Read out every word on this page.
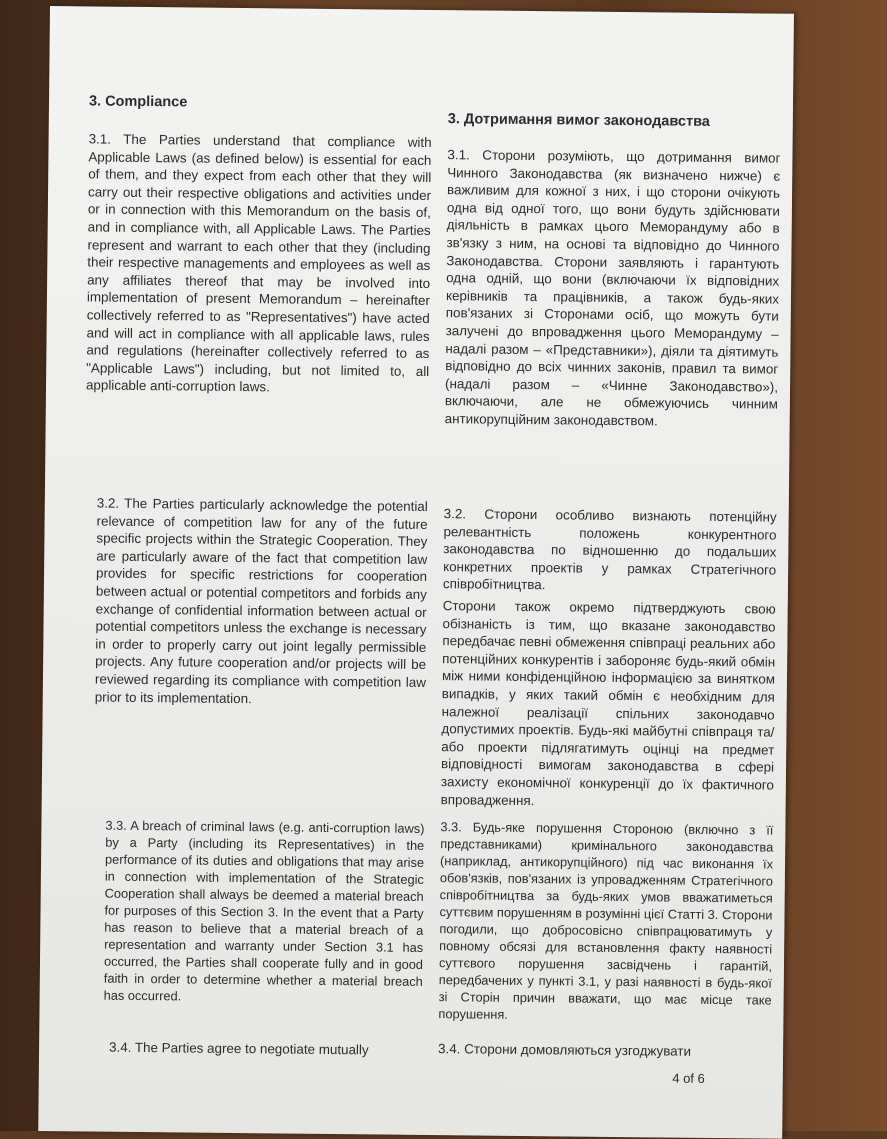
3. Compliance
3. Дотримання вимог законодавства
3.1. The Parties understand that compliance with Applicable Laws (as defined below) is essential for each of them, and they expect from each other that they will carry out their respective obligations and activities under or in connection with this Memorandum on the basis of, and in compliance with, all Applicable Laws. The Parties represent and warrant to each other that they (including their respective managements and employees as well as any affiliates thereof that may be involved into implementation of present Memorandum – hereinafter collectively referred to as "Representatives") have acted and will act in compliance with all applicable laws, rules and regulations (hereinafter collectively referred to as "Applicable Laws") including, but not limited to, all applicable anti-corruption laws.
3.1. Сторони розуміють, що дотримання вимог Чинного Законодавства (як визначено нижче) є важливим для кожної з них, і що сторони очікують одна від одної того, що вони будуть здійснювати діяльність в рамках цього Меморандуму або в зв'язку з ним, на основі та відповідно до Чинного Законодавства. Сторони заявляють і гарантують одна одній, що вони (включаючи їх відповідних керівників та працівників, а також будь-яких пов'язаних зі Сторонами осіб, що можуть бути залучені до впровадження цього Меморандуму – надалі разом – «Представники»), діяли та діятимуть відповідно до всіх чинних законів, правил та вимог (надалі разом – «Чинне Законодавство»), включаючи, але не обмежуючись чинним антикорупційним законодавством.
3.2. The Parties particularly acknowledge the potential relevance of competition law for any of the future specific projects within the Strategic Cooperation. They are particularly aware of the fact that competition law provides for specific restrictions for cooperation between actual or potential competitors and forbids any exchange of confidential information between actual or potential competitors unless the exchange is necessary in order to properly carry out joint legally permissible projects. Any future cooperation and/or projects will be reviewed regarding its compliance with competition law prior to its implementation.

3.2. Сторони особливо визнають потенційну релевантність положень конкурентного законодавства по відношенню до подальших конкретних проектів у рамках Стратегічного співробітництва.

Сторони також окремо підтверджують свою обізнаність із тим, що вказане законодавство передбачає певні обмеження співпраці реальних або потенційних конкурентів і забороняє будь-який обмін між ними конфіденційною інформацією за винятком випадків, у яких такий обмін є необхідним для належної реалізації спільних законодавчо допустимих проектів. Будь-які майбутні співпраця та/або проекти підлягатимуть оцінці на предмет відповідності вимогам законодавства в сфері захисту економічної конкуренції до їх фактичного впровадження.

3.3. A breach of criminal laws (e.g. anti-corruption laws) by a Party (including its Representatives) in the performance of its duties and obligations that may arise in connection with implementation of the Strategic Cooperation shall always be deemed a material breach for purposes of this Section 3. In the event that a Party has reason to believe that a material breach of a representation and warranty under Section 3.1 has occurred, the Parties shall cooperate fully and in good faith in order to determine whether a material breach has occurred.
3.3. Будь-яке порушення Стороною (включно з її представниками) кримінального законодавства (наприклад, антикорупційного) під час виконання їх обов'язків, пов'язаних із упровадженням Стратегічного співробітництва за будь-яких умов вважатиметься суттєвим порушенням в розумінні цієї Статті 3. Сторони погодили, що добросовісно співпрацюватимуть у повному обсязі для встановлення факту наявності суттєвого порушення засвідчень і гарантій, передбачених у пункті 3.1, у разі наявності в будь-якої зі Сторін причин вважати, що має місце таке порушення.
3.4. The Parties agree to negotiate mutually	3.4. Сторони домовляються узгоджувати
4 of 6
